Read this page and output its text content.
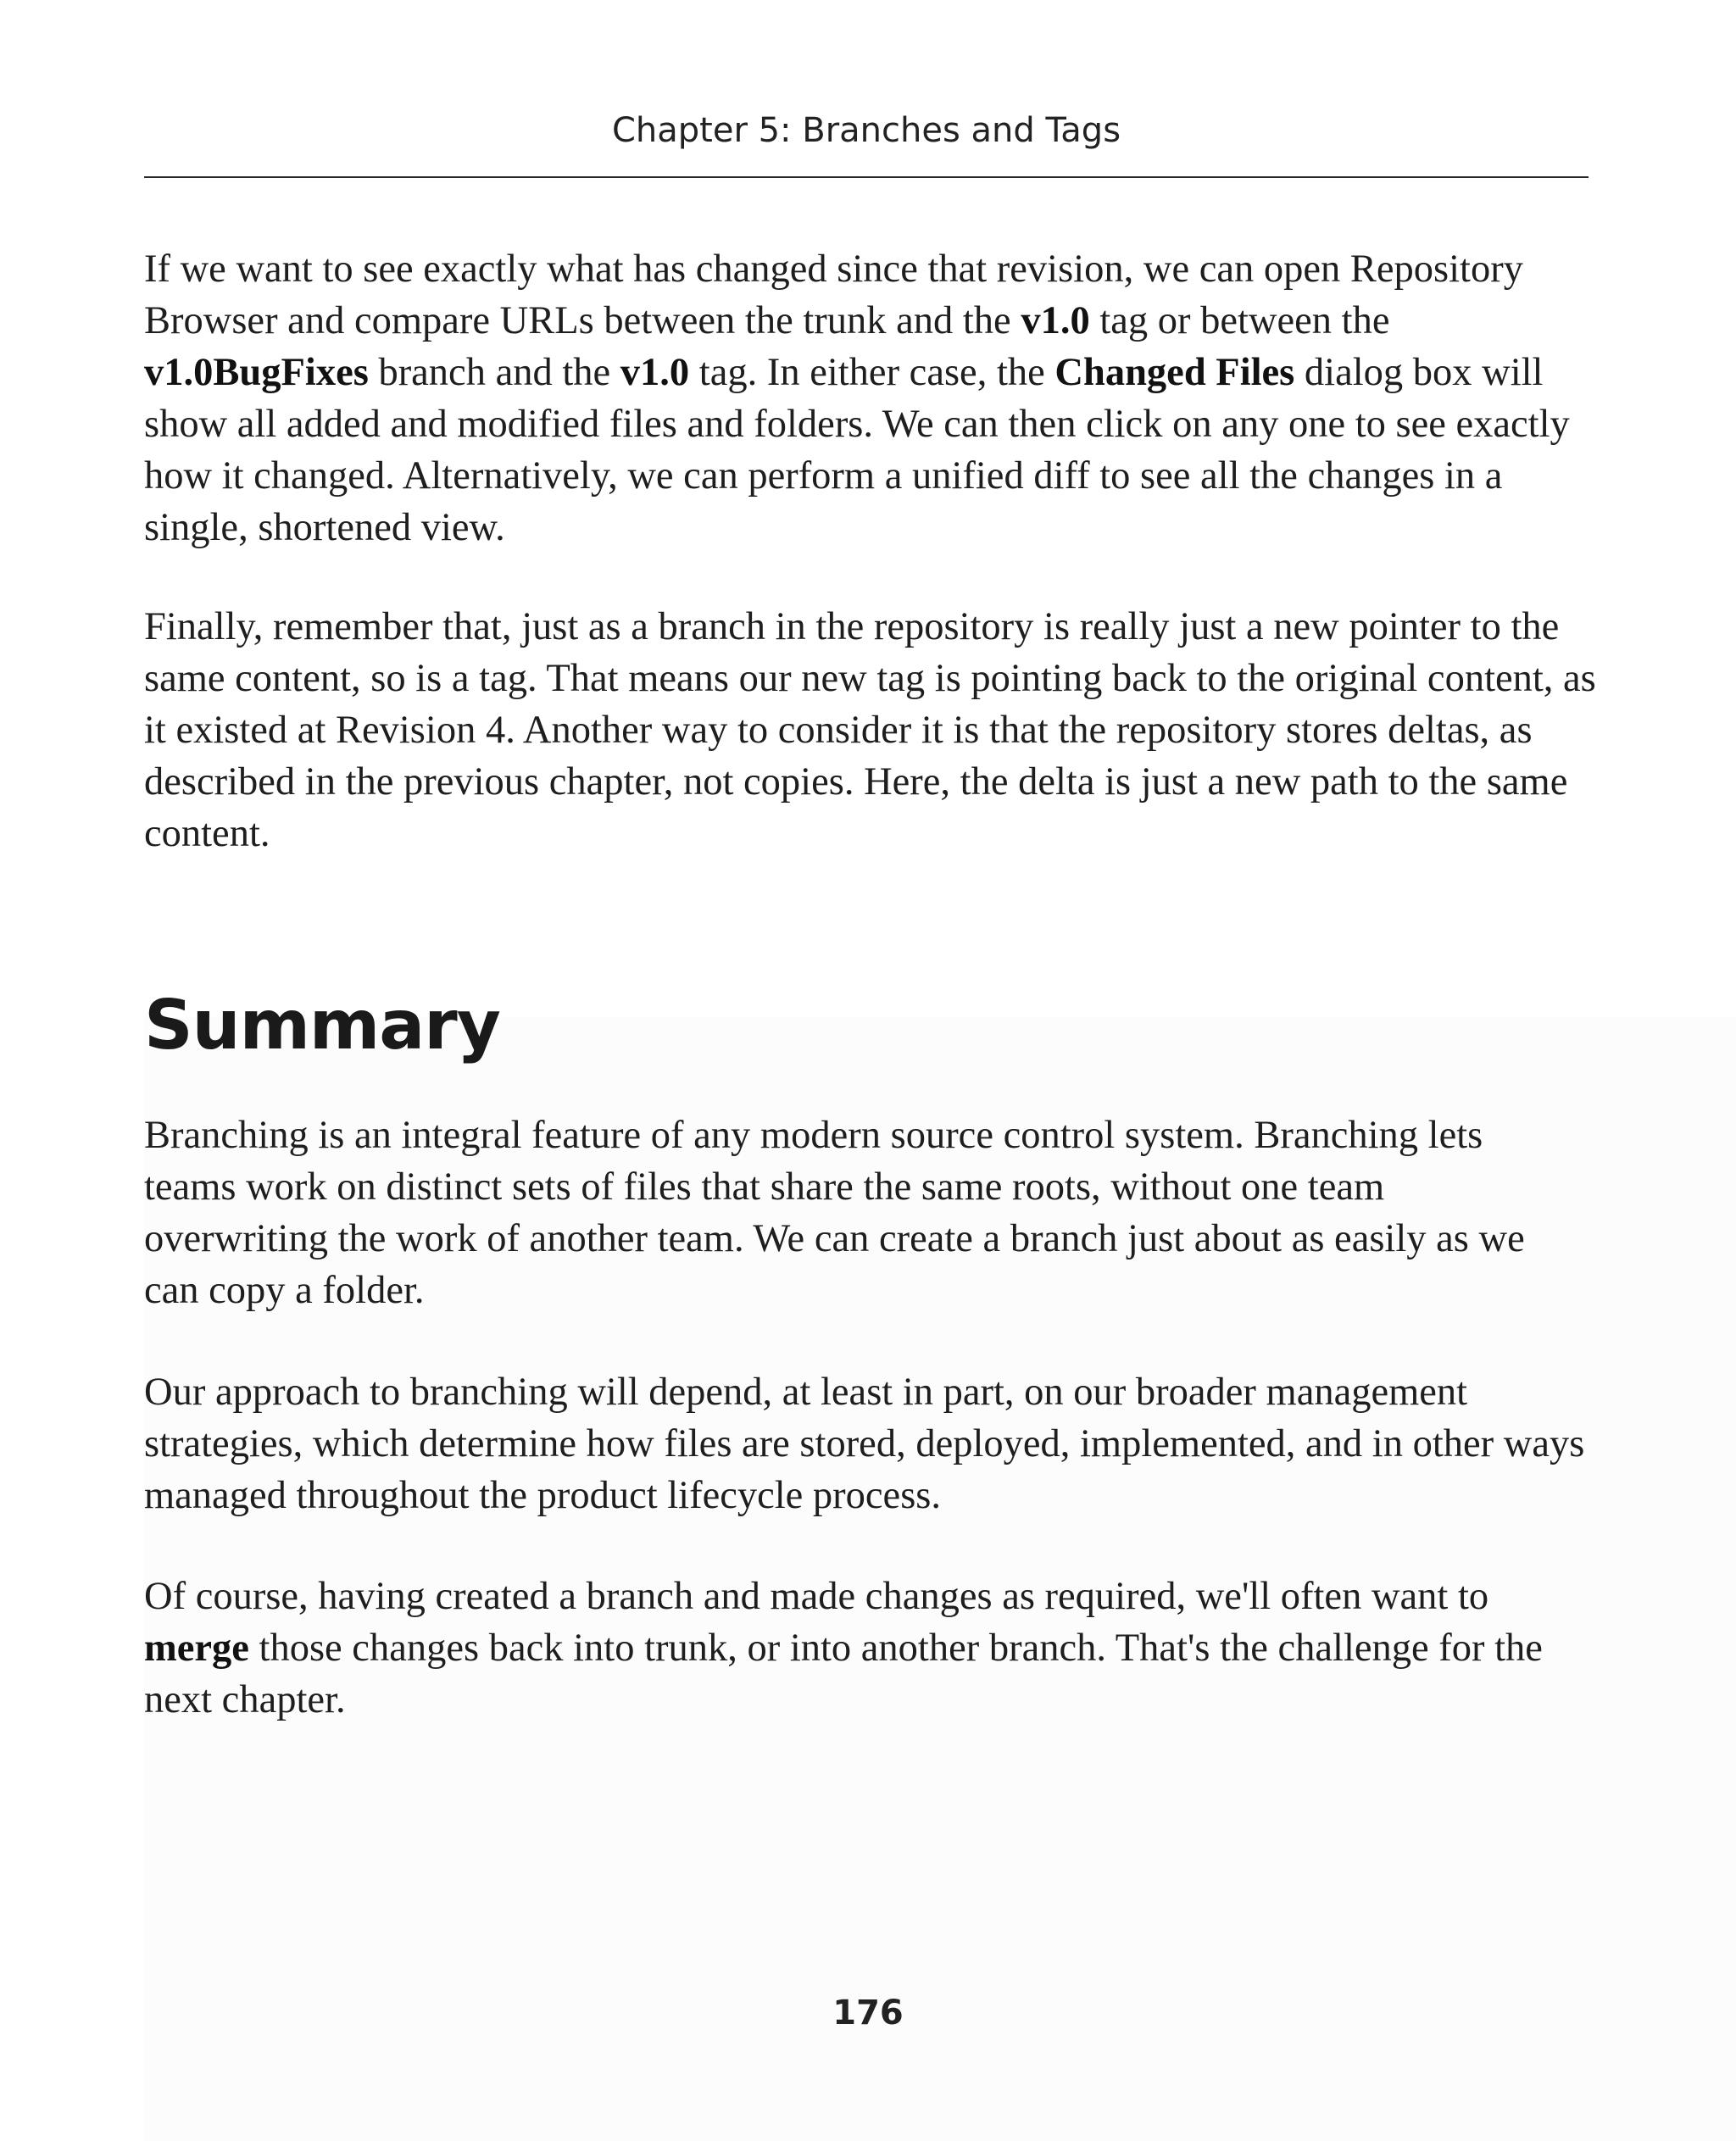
Chapter 5: Branches and Tags

If we want to see exactly what has changed since that revision, we can open Repository Browser and compare URLs between the trunk and the v1.0 tag or between the v1.0BugFixes branch and the v1.0 tag. In either case, the Changed Files dialog box will show all added and modified files and folders. We can then click on any one to see exactly how it changed. Alternatively, we can perform a unified diff to see all the changes in a single, shortened view.

Finally, remember that, just as a branch in the repository is really just a new pointer to the same content, so is a tag. That means our new tag is pointing back to the original content, as it existed at Revision 4. Another way to consider it is that the repository stores deltas, as described in the previous chapter, not copies. Here, the delta is just a new path to the same content.

Summary

Branching is an integral feature of any modern source control system. Branching lets teams work on distinct sets of files that share the same roots, without one team overwriting the work of another team. We can create a branch just about as easily as we can copy a folder.

Our approach to branching will depend, at least in part, on our broader management strategies, which determine how files are stored, deployed, implemented, and in other ways managed throughout the product lifecycle process.

Of course, having created a branch and made changes as required, we'll often want to merge those changes back into trunk, or into another branch. That's the challenge for the next chapter.

176
